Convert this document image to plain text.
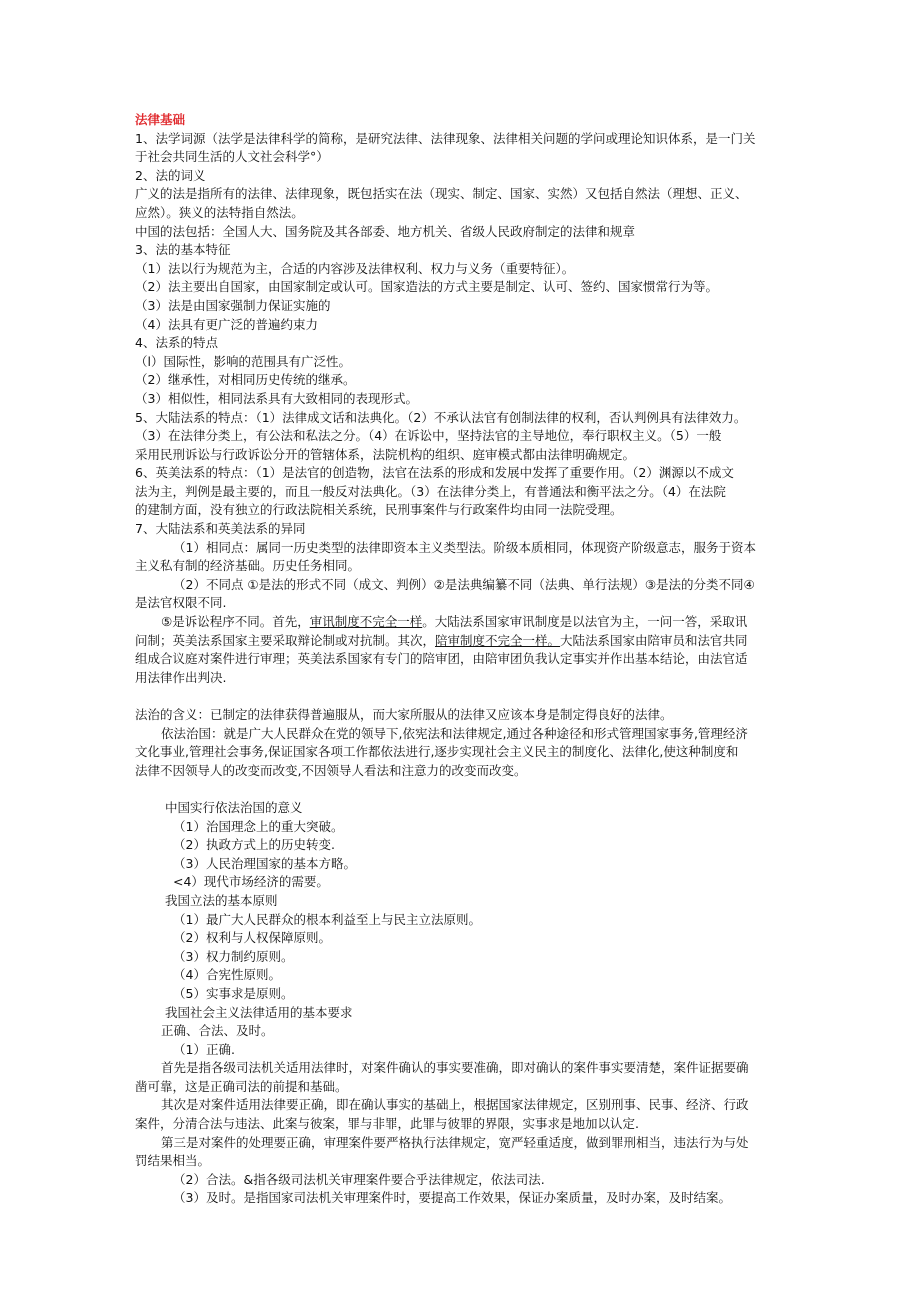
法律基础
1、法学词源（法学是法律科学的简称，是研究法律、法律现象、法律相关问题的学问或理论知识体系，是一门关
于社会共同生活的人文社会科学°）
2、法的词义
广义的法是指所有的法律、法律现象，既包括实在法（现实、制定、国家、实然）又包括自然法（理想、正义、
应然）。狭义的法特指自然法。
中国的法包括：全国人大、国务院及其各部委、地方机关、省级人民政府制定的法律和规章
3、法的基本特征
（1）法以行为规范为主，合适的内容涉及法律权利、权力与义务（重要特征）。
（2）法主要出自国家，由国家制定或认可。国家造法的方式主要是制定、认可、签约、国家惯常行为等。
（3）法是由国家强制力保证实施的
（4）法具有更广泛的普遍约束力
4、法系的特点
（l）国际性，影响的范围具有广泛性。
（2）继承性，对相同历史传统的继承。
（3）相似性，相同法系具有大致相同的表现形式。
5、大陆法系的特点：（1）法律成文话和法典化。（2）不承认法官有创制法律的权利，否认判例具有法律效力。
（3）在法律分类上，有公法和私法之分。（4）在诉讼中，坚持法官的主导地位，奉行职权主义。（5）一般
采用民刑诉讼与行政诉讼分开的管辖体系，法院机构的组织、庭审模式都由法律明确规定。
6、英美法系的特点：（1）是法官的创造物，法官在法系的形成和发展中发挥了重要作用。（2）渊源以不成文
法为主，判例是最主要的，而且一般反对法典化。（3）在法律分类上，有普通法和衡平法之分。（4）在法院
的建制方面，没有独立的行政法院相关系统，民刑事案件与行政案件均由同一法院受理。
7、大陆法系和英美法系的异同
（1）相同点：属同一历史类型的法律即资本主义类型法。阶级本质相同，体现资产阶级意志，服务于资本
主义私有制的经济基础。历史任务相同。
（2）不同点 ①是法的形式不同（成文、判例）②是法典编纂不同（法典、单行法规）③是法的分类不同④
是法官权限不同.
⑤是诉讼程序不同。首先，审讯制度不完全一样。大陆法系国家审讯制度是以法官为主，一问一答，采取讯
问制；英美法系国家主要采取辩论制或对抗制。其次，陪审制度不完全一样。大陆法系国家由陪审员和法官共同
组成合议庭对案件进行审理；英美法系国家有专门的陪审团，由陪审团负我认定事实并作出基本结论，由法官适
用法律作出判决.
法治的含义：已制定的法律获得普遍服从，而大家所服从的法律又应该本身是制定得良好的法律。
依法治国：就是广大人民群众在党的领导下,依宪法和法律规定,通过各种途径和形式管理国家事务,管理经济
文化事业,管理社会事务,保证国家各项工作都依法进行,逐步实现社会主义民主的制度化、法律化,使这种制度和
法律不因领导人的改变而改变,不因领导人看法和注意力的改变而改变。
中国实行依法治国的意义
（1）治国理念上的重大突破。
（2）执政方式上的历史转变.
（3）人民治理国家的基本方略。
<4）现代市场经济的需要。
我国立法的基本原则
（1）最广大人民群众的根本利益至上与民主立法原则。
（2）权利与人权保障原则。
（3）权力制约原则。
（4）合宪性原则。
（5）实事求是原则。
我国社会主义法律适用的基本要求
正确、合法、及时。
（1）正确.
首先是指各级司法机关适用法律时，对案件确认的事实要准确，即对确认的案件事实要清楚，案件证据要确
凿可靠，这是正确司法的前提和基础。
其次是对案件适用法律要正确，即在确认事实的基础上，根据国家法律规定，区别刑事、民事、经济、行政
案件，分清合法与违法、此案与彼案，罪与非罪，此罪与彼罪的界限，实事求是地加以认定.
第三是对案件的处理要正确，审理案件要严格执行法律规定，宽严轻重适度，做到罪刑相当，违法行为与处
罚结果相当。
（2）合法。&指各级司法机关审理案件要合乎法律规定，依法司法.
（3）及时。是指国家司法机关审理案件时，要提高工作效果，保证办案质量，及时办案，及时结案。
